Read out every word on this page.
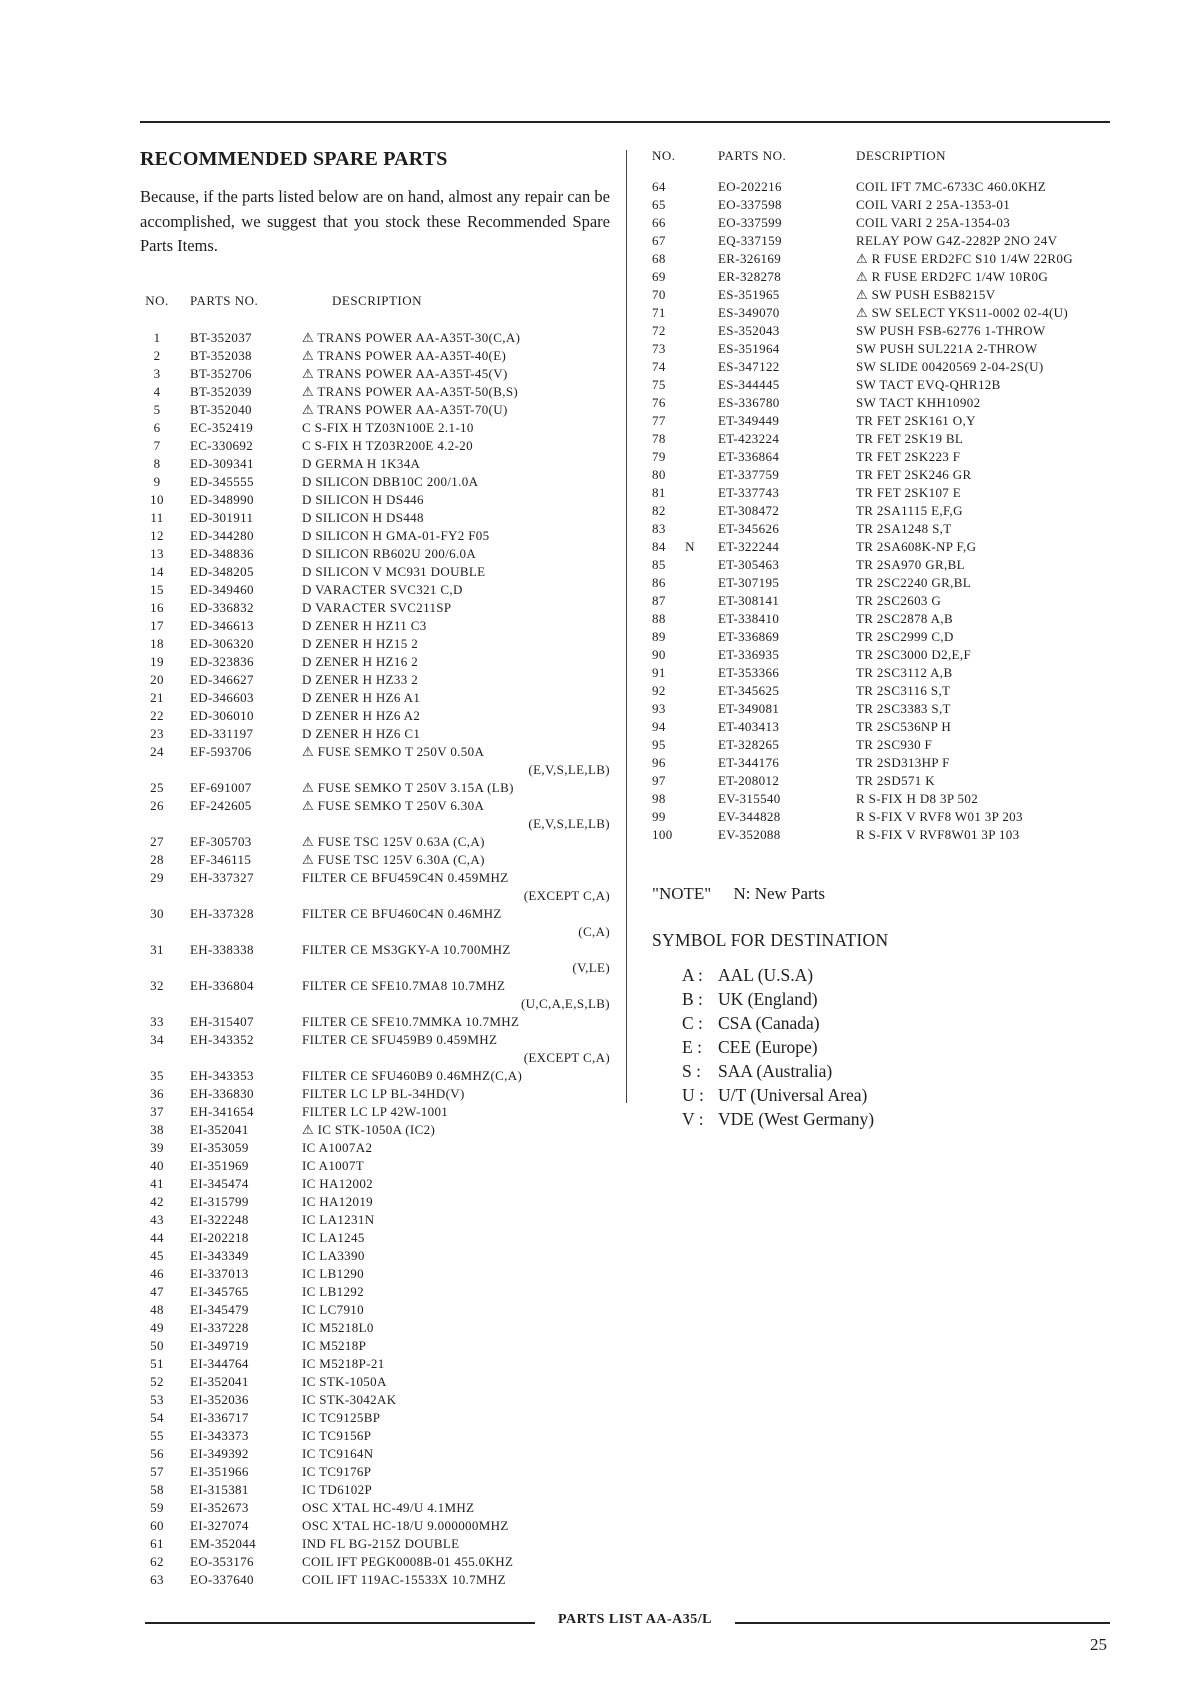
RECOMMENDED SPARE PARTS

Because, if the parts listed below are on hand, almost any repair can be accomplished, we suggest that you stock these Recommended Spare Parts Items.

NO.	PARTS NO.	DESCRIPTION
1	BT-352037	⚠ TRANS POWER AA-A35T-30(C,A)
2	BT-352038	⚠ TRANS POWER AA-A35T-40(E)
3	BT-352706	⚠ TRANS POWER AA-A35T-45(V)
4	BT-352039	⚠ TRANS POWER AA-A35T-50(B,S)
5	BT-352040	⚠ TRANS POWER AA-A35T-70(U)
6	EC-352419	C S-FIX H TZ03N100E 2.1-10
7	EC-330692	C S-FIX H TZ03R200E 4.2-20
8	ED-309341	D GERMA H 1K34A
9	ED-345555	D SILICON DBB10C 200/1.0A
10	ED-348990	D SILICON H DS446
11	ED-301911	D SILICON H DS448
12	ED-344280	D SILICON H GMA-01-FY2 F05
13	ED-348836	D SILICON RB602U 200/6.0A
14	ED-348205	D SILICON V MC931 DOUBLE
15	ED-349460	D VARACTER SVC321 C,D
16	ED-336832	D VARACTER SVC211SP
17	ED-346613	D ZENER H HZ11 C3
18	ED-306320	D ZENER H HZ15 2
19	ED-323836	D ZENER H HZ16 2
20	ED-346627	D ZENER H HZ33 2
21	ED-346603	D ZENER H HZ6 A1
22	ED-306010	D ZENER H HZ6 A2
23	ED-331197	D ZENER H HZ6 C1
24	EF-593706	⚠ FUSE SEMKO T 250V 0.50A
(E,V,S,LE,LB)
25	EF-691007	⚠ FUSE SEMKO T 250V 3.15A (LB)
26	EF-242605	⚠ FUSE SEMKO T 250V 6.30A
(E,V,S,LE,LB)
27	EF-305703	⚠ FUSE TSC 125V 0.63A (C,A)
28	EF-346115	⚠ FUSE TSC 125V 6.30A (C,A)
29	EH-337327	FILTER CE BFU459C4N 0.459MHZ
(EXCEPT C,A)
30	EH-337328	FILTER CE BFU460C4N 0.46MHZ
(C,A)
31	EH-338338	FILTER CE MS3GKY-A 10.700MHZ
(V,LE)
32	EH-336804	FILTER CE SFE10.7MA8 10.7MHZ
(U,C,A,E,S,LB)
33	EH-315407	FILTER CE SFE10.7MMKA 10.7MHZ
34	EH-343352	FILTER CE SFU459B9 0.459MHZ
(EXCEPT C,A)
35	EH-343353	FILTER CE SFU460B9 0.46MHZ(C,A)
36	EH-336830	FILTER LC LP BL-34HD(V)
37	EH-341654	FILTER LC LP 42W-1001
38	EI-352041	⚠ IC STK-1050A (IC2)
39	EI-353059	IC A1007A2
40	EI-351969	IC A1007T
41	EI-345474	IC HA12002
42	EI-315799	IC HA12019
43	EI-322248	IC LA1231N
44	EI-202218	IC LA1245
45	EI-343349	IC LA3390
46	EI-337013	IC LB1290
47	EI-345765	IC LB1292
48	EI-345479	IC LC7910
49	EI-337228	IC M5218L0
50	EI-349719	IC M5218P
51	EI-344764	IC M5218P-21
52	EI-352041	IC STK-1050A
53	EI-352036	IC STK-3042AK
54	EI-336717	IC TC9125BP
55	EI-343373	IC TC9156P
56	EI-349392	IC TC9164N
57	EI-351966	IC TC9176P
58	EI-315381	IC TD6102P
59	EI-352673	OSC X'TAL HC-49/U 4.1MHZ
60	EI-327074	OSC X'TAL HC-18/U 9.000000MHZ
61	EM-352044	IND FL BG-215Z DOUBLE
62	EO-353176	COIL IFT PEGK0008B-01 455.0KHZ
63	EO-337640	COIL IFT 119AC-15533X 10.7MHZ
NO.	PARTS NO.	DESCRIPTION
64	EO-202216	COIL IFT 7MC-6733C 460.0KHZ
65	EO-337598	COIL VARI 2 25A-1353-01
66	EO-337599	COIL VARI 2 25A-1354-03
67	EQ-337159	RELAY POW G4Z-2282P 2NO 24V
68	ER-326169	⚠ R FUSE ERD2FC S10 1/4W 22R0G
69	ER-328278	⚠ R FUSE ERD2FC 1/4W 10R0G
70	ES-351965	⚠ SW PUSH ESB8215V
71	ES-349070	⚠ SW SELECT YKS11-0002 02-4(U)
72	ES-352043	SW PUSH FSB-62776 1-THROW
73	ES-351964	SW PUSH SUL221A 2-THROW
74	ES-347122	SW SLIDE 00420569 2-04-2S(U)
75	ES-344445	SW TACT EVQ-QHR12B
76	ES-336780	SW TACT KHH10902
77	ET-349449	TR FET 2SK161 O,Y
78	ET-423224	TR FET 2SK19 BL
79	ET-336864	TR FET 2SK223 F
80	ET-337759	TR FET 2SK246 GR
81	ET-337743	TR FET 2SK107 E
82	ET-308472	TR 2SA1115 E,F,G
83	ET-345626	TR 2SA1248 S,T
84	N	ET-322244	TR 2SA608K-NP F,G
85	ET-305463	TR 2SA970 GR,BL
86	ET-307195	TR 2SC2240 GR,BL
87	ET-308141	TR 2SC2603 G
88	ET-338410	TR 2SC2878 A,B
89	ET-336869	TR 2SC2999 C,D
90	ET-336935	TR 2SC3000 D2,E,F
91	ET-353366	TR 2SC3112 A,B
92	ET-345625	TR 2SC3116 S,T
93	ET-349081	TR 2SC3383 S,T
94	ET-403413	TR 2SC536NP H
95	ET-328265	TR 2SC930 F
96	ET-344176	TR 2SD313HP F
97	ET-208012	TR 2SD571 K
98	EV-315540	R S-FIX H D8 3P 502
99	EV-344828	R S-FIX V RVF8 W01 3P 203
100	EV-352088	R S-FIX V RVF8W01 3P 103
"NOTE" N: New Parts
SYMBOL FOR DESTINATION
A : AAL (U.S.A)
B : UK (England)
C : CSA (Canada)
E : CEE (Europe)
S : SAA (Australia)
U : U/T (Universal Area)
V : VDE (West Germany)
PARTS LIST AA-A35/L
25
